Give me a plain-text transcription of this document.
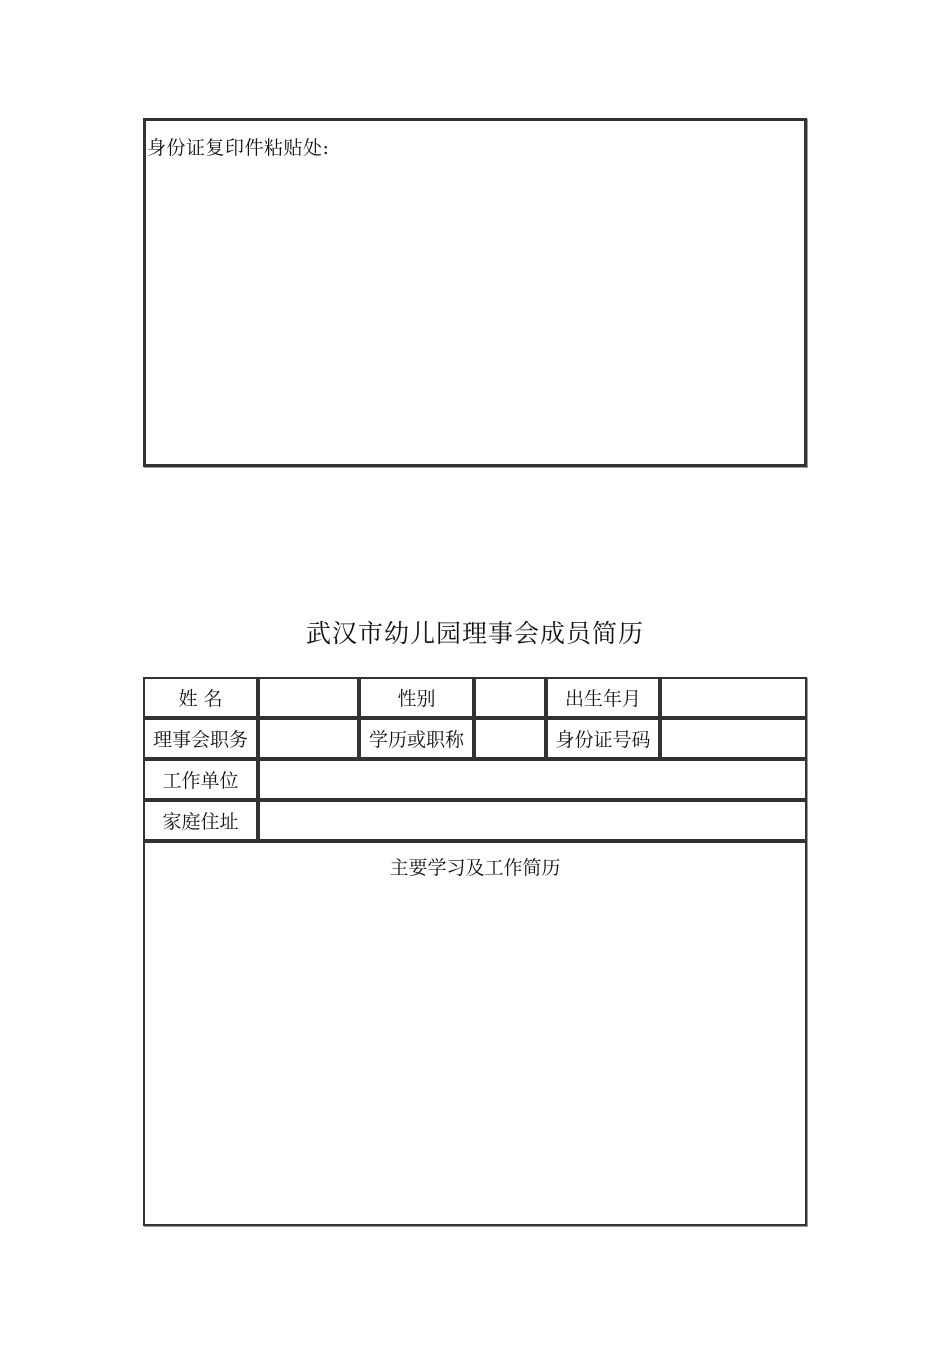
身份证复印件粘贴处:
武汉市幼儿园理事会成员简历
姓 名	性别	出生年月
理事会职务	学历或职称	身份证号码
工作单位
家庭住址
主要学习及工作简历
